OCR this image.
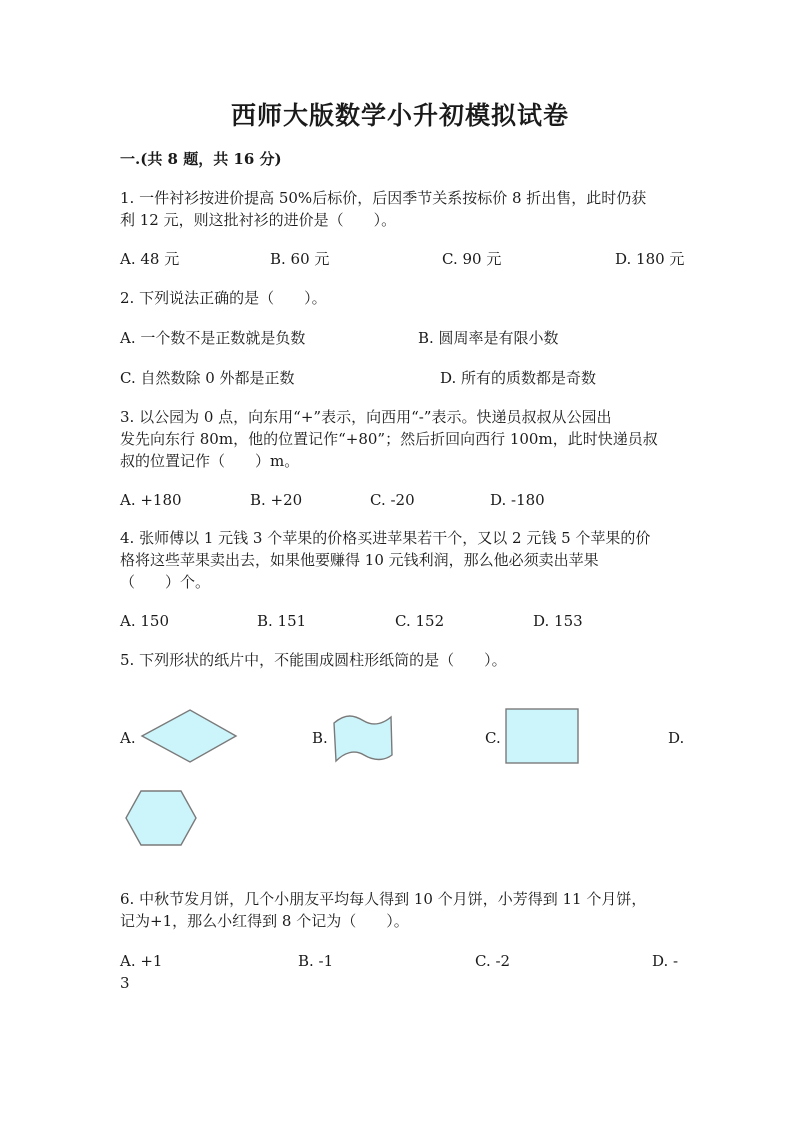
西师大版数学小升初模拟试卷
一.(共 8 题，共 16 分)
1. 一件衬衫按进价提高 50%后标价，后因季节关系按标价 8 折出售，此时仍获
利 12 元，则这批衬衫的进价是（　　）。
A. 48 元	B. 60 元	C. 90 元	D. 180 元
2. 下列说法正确的是（　　）。
A. 一个数不是正数就是负数	B. 圆周率是有限小数
C. 自然数除 0 外都是正数	D. 所有的质数都是奇数
3. 以公园为 0 点，向东用“+”表示，向西用“-”表示。快递员叔叔从公园出
发先向东行 80m，他的位置记作“+80”；然后折回向西行 100m，此时快递员叔
叔的位置记作（　　）m。
A. +180	B. +20	C. -20	D. -180
4. 张师傅以 1 元钱 3 个苹果的价格买进苹果若干个，又以 2 元钱 5 个苹果的价
格将这些苹果卖出去，如果他要赚得 10 元钱利润，那么他必须卖出苹果
（　　）个。
A. 150	B. 151	C. 152	D. 153
5. 下列形状的纸片中，不能围成圆柱形纸筒的是（　　）。
A.	B.	C.	D.
6. 中秋节发月饼，几个小朋友平均每人得到 10 个月饼，小芳得到 11 个月饼，
记为+1，那么小红得到 8 个记为（　　）。
A. +1	B. -1	C. -2	D. -
3
